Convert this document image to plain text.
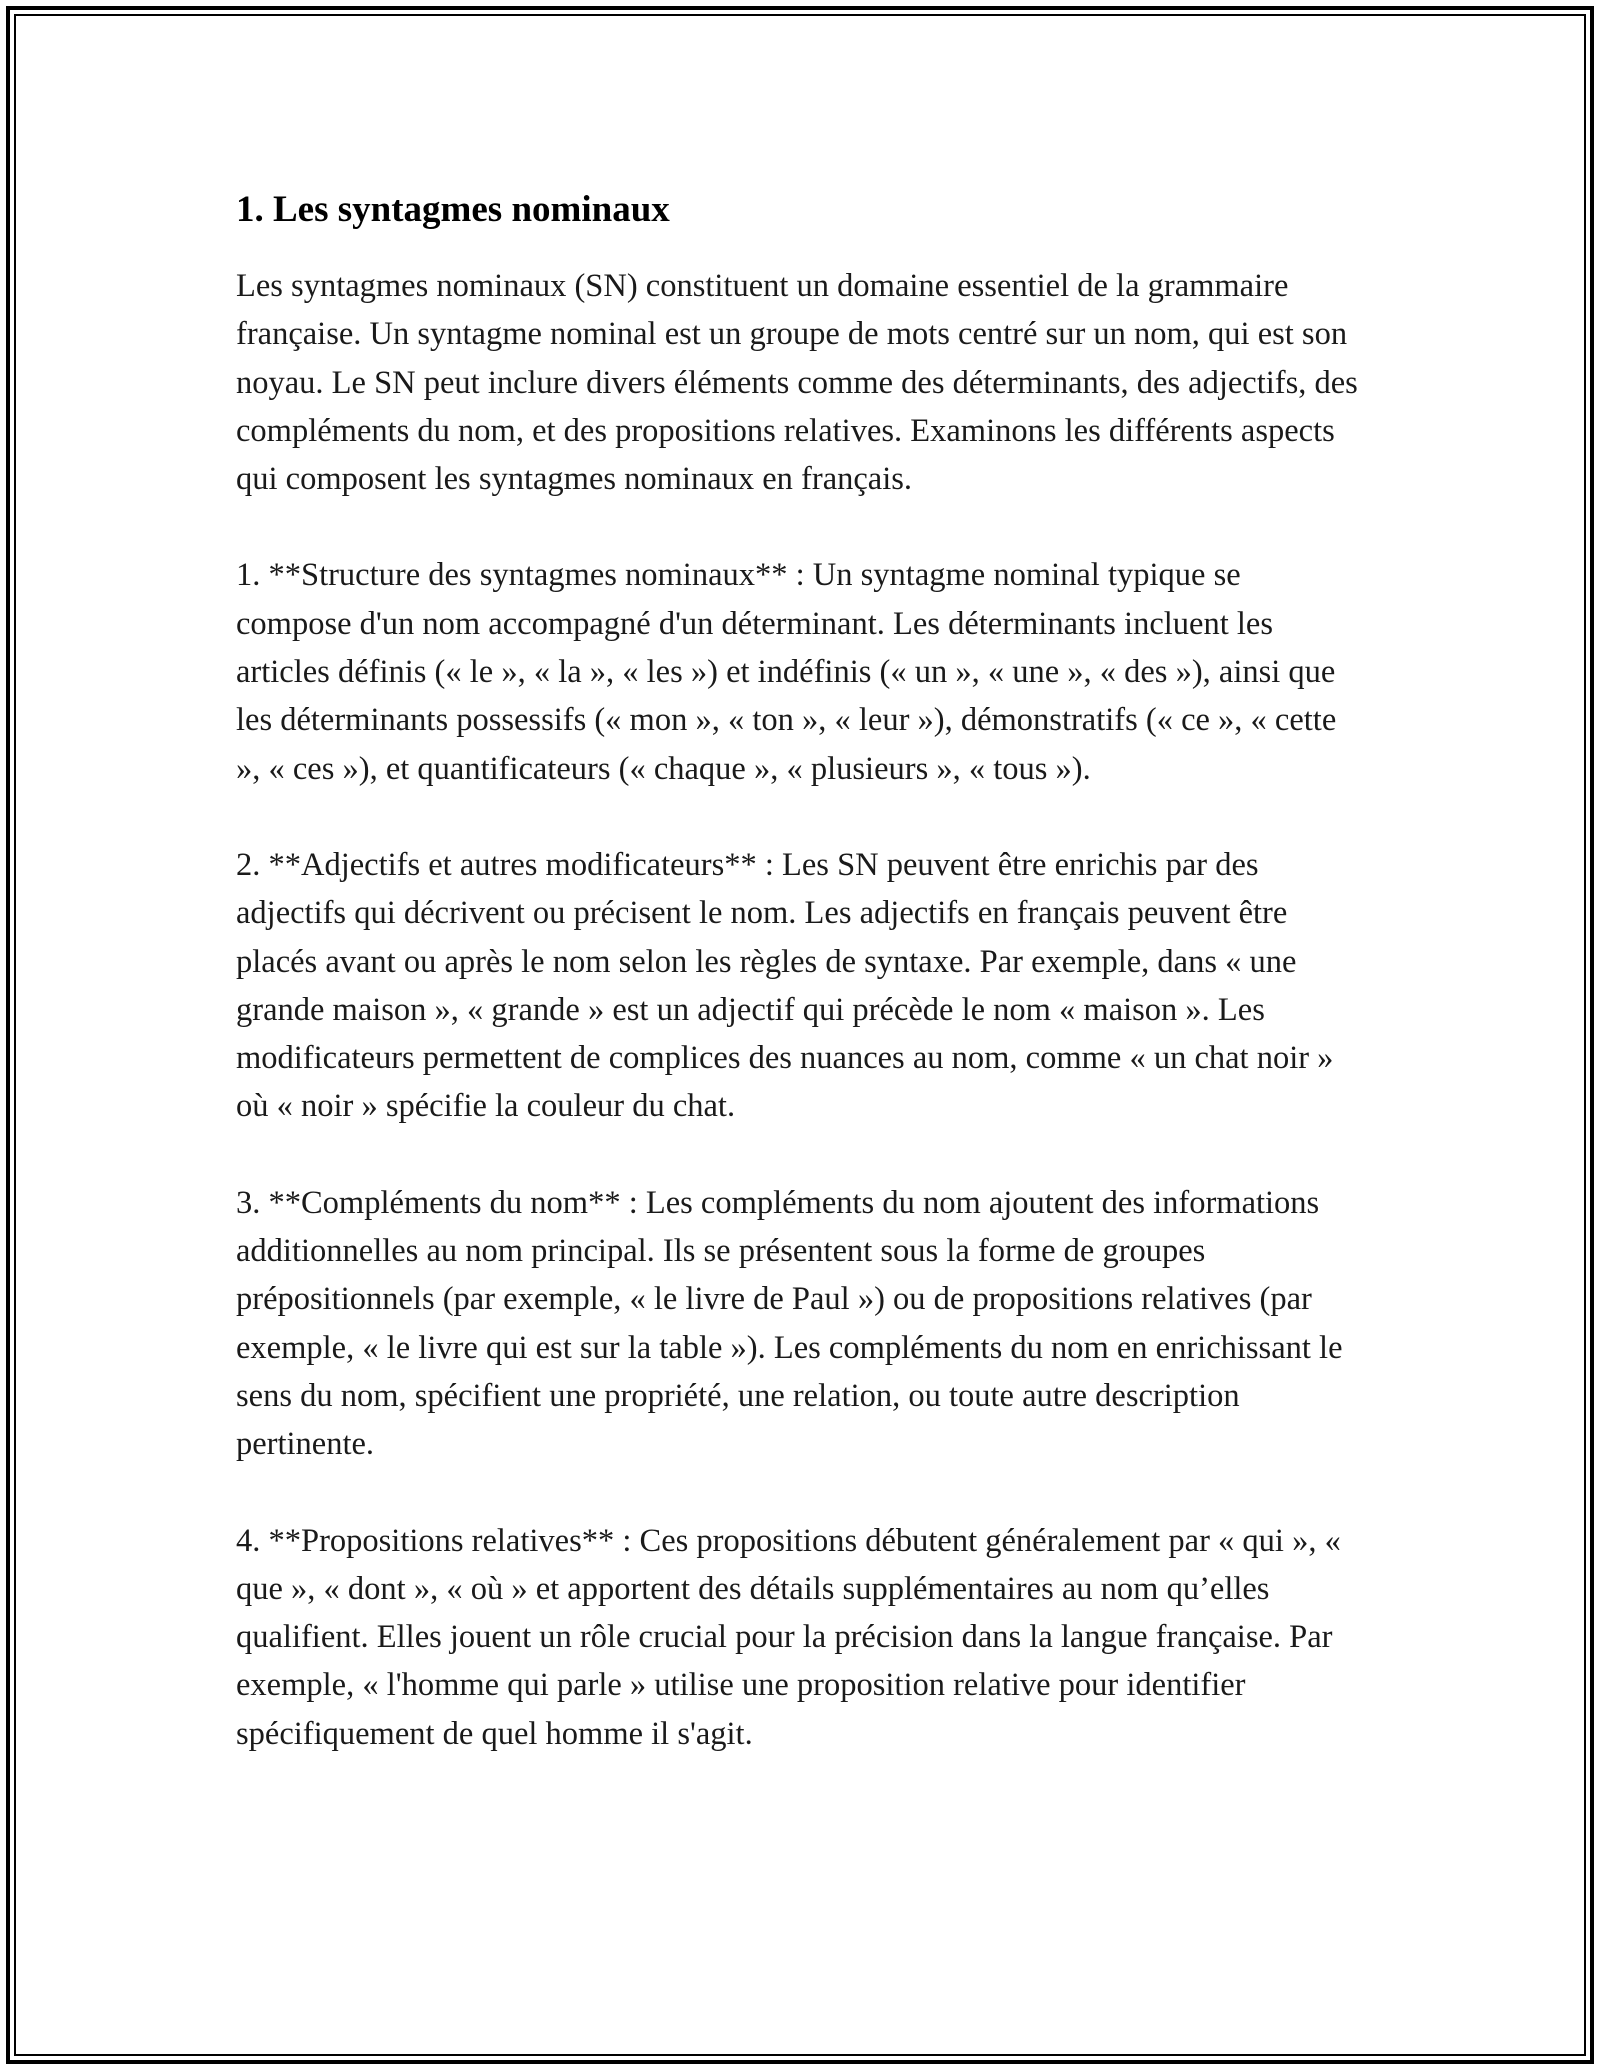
1. Les syntagmes nominaux

Les syntagmes nominaux (SN) constituent un domaine essentiel de la grammaire française. Un syntagme nominal est un groupe de mots centré sur un nom, qui est son noyau. Le SN peut inclure divers éléments comme des déterminants, des adjectifs, des compléments du nom, et des propositions relatives. Examinons les différents aspects qui composent les syntagmes nominaux en français.

1. **Structure des syntagmes nominaux** : Un syntagme nominal typique se compose d'un nom accompagné d'un déterminant. Les déterminants incluent les articles définis (« le », « la », « les ») et indéfinis (« un », « une », « des »), ainsi que les déterminants possessifs (« mon », « ton », « leur »), démonstratifs (« ce », « cette », « ces »), et quantificateurs (« chaque », « plusieurs », « tous »).

2. **Adjectifs et autres modificateurs** : Les SN peuvent être enrichis par des adjectifs qui décrivent ou précisent le nom. Les adjectifs en français peuvent être placés avant ou après le nom selon les règles de syntaxe. Par exemple, dans « une grande maison », « grande » est un adjectif qui précède le nom « maison ». Les modificateurs permettent de complices des nuances au nom, comme « un chat noir » où « noir » spécifie la couleur du chat.

3. **Compléments du nom** : Les compléments du nom ajoutent des informations additionnelles au nom principal. Ils se présentent sous la forme de groupes prépositionnels (par exemple, « le livre de Paul ») ou de propositions relatives (par exemple, « le livre qui est sur la table »). Les compléments du nom en enrichissant le sens du nom, spécifient une propriété, une relation, ou toute autre description pertinente.

4. **Propositions relatives** : Ces propositions débutent généralement par « qui », « que », « dont », « où » et apportent des détails supplémentaires au nom qu’elles qualifient. Elles jouent un rôle crucial pour la précision dans la langue française. Par exemple, « l'homme qui parle » utilise une proposition relative pour identifier spécifiquement de quel homme il s'agit.
